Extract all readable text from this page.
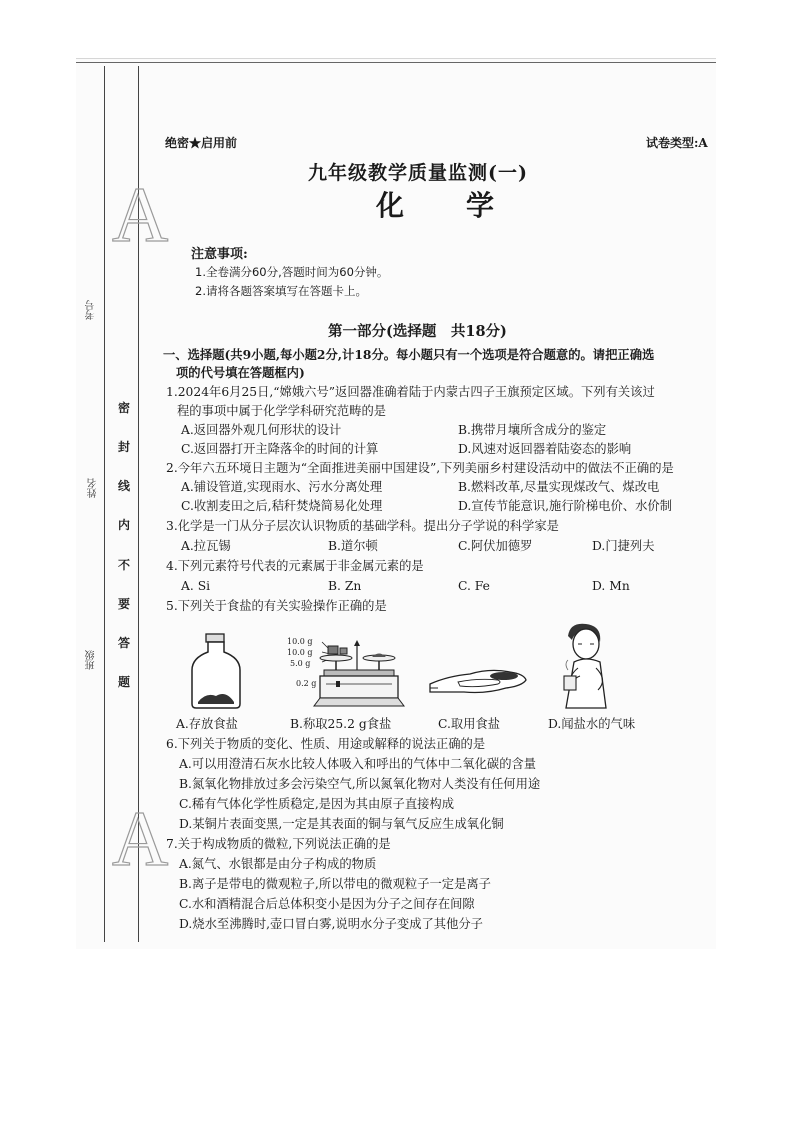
A
A
考号
姓名
班级
密
封
线
内
不
要
答
题
绝密★启用前	试卷类型:A
九年级教学质量监测(一)
化学
注意事项:
1.全卷满分60分,答题时间为60分钟。
2.请将各题答案填写在答题卡上。
第一部分(选择题　共18分)
一、选择题(共9小题,每小题2分,计18分。每小题只有一个选项是符合题意的。请把正确选
项的代号填在答题框内)
1.2024年6月25日,“嫦娥六号”返回器准确着陆于内蒙古四子王旗预定区域。下列有关该过
程的事项中属于化学学科研究范畴的是
A.返回器外观几何形状的设计	B.携带月壤所含成分的鉴定
C.返回器打开主降落伞的时间的计算	D.风速对返回器着陆姿态的影响
2.今年六五环境日主题为“全面推进美丽中国建设”,下列美丽乡村建设活动中的做法不正确的是
A.铺设管道,实现雨水、污水分离处理	B.燃料改革,尽量实现煤改气、煤改电
C.收割麦田之后,秸秆焚烧简易化处理	D.宣传节能意识,施行阶梯电价、水价制
3.化学是一门从分子层次认识物质的基础学科。提出分子学说的科学家是
A.拉瓦锡	B.道尔顿	C.阿伏加德罗	D.门捷列夫
4.下列元素符号代表的元素属于非金属元素的是
A. Si	B. Zn	C. Fe	D. Mn
5.下列关于食盐的有关实验操作正确的是
10.0 g
10.0 g
5.0 g
0.2 g
A.存放食盐	B.称取25.2 g食盐	C.取用食盐	D.闻盐水的气味
6.下列关于物质的变化、性质、用途或解释的说法正确的是
A.可以用澄清石灰水比较人体吸入和呼出的气体中二氧化碳的含量
B.氮氧化物排放过多会污染空气,所以氮氧化物对人类没有任何用途
C.稀有气体化学性质稳定,是因为其由原子直接构成
D.某铜片表面变黑,一定是其表面的铜与氧气反应生成氧化铜
7.关于构成物质的微粒,下列说法正确的是
A.氮气、水银都是由分子构成的物质
B.离子是带电的微观粒子,所以带电的微观粒子一定是离子
C.水和酒精混合后总体积变小是因为分子之间存在间隙
D.烧水至沸腾时,壶口冒白雾,说明水分子变成了其他分子
